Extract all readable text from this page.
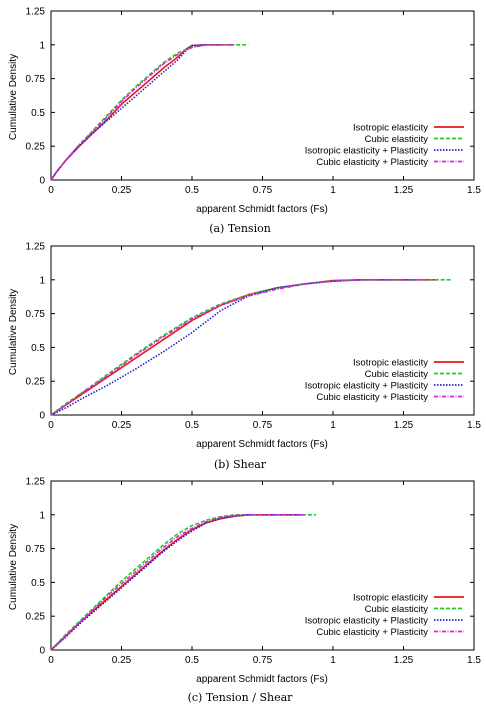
Cumulative Density
apparent Schmidt factors (Fs)
(a) Tension
0
0.25
0.5
0.75
1
1.25
0	0.25	0.5	0.75	1	1.25	1.5
Isotropic elasticity
Cubic elasticity
Isotropic elasticity + Plasticity
Cubic elasticity + Plasticity
Cumulative Density
apparent Schmidt factors (Fs)
(b) Shear
0
0.25
0.5
0.75
1
1.25
0	0.25	0.5	0.75	1	1.25	1.5
Isotropic elasticity
Cubic elasticity
Isotropic elasticity + Plasticity
Cubic elasticity + Plasticity
Cumulative Density
apparent Schmidt factors (Fs)
(c) Tension / Shear
0
0.25
0.5
0.75
1
1.25
0	0.25	0.5	0.75	1	1.25	1.5
Isotropic elasticity
Cubic elasticity
Isotropic elasticity + Plasticity
Cubic elasticity + Plasticity
